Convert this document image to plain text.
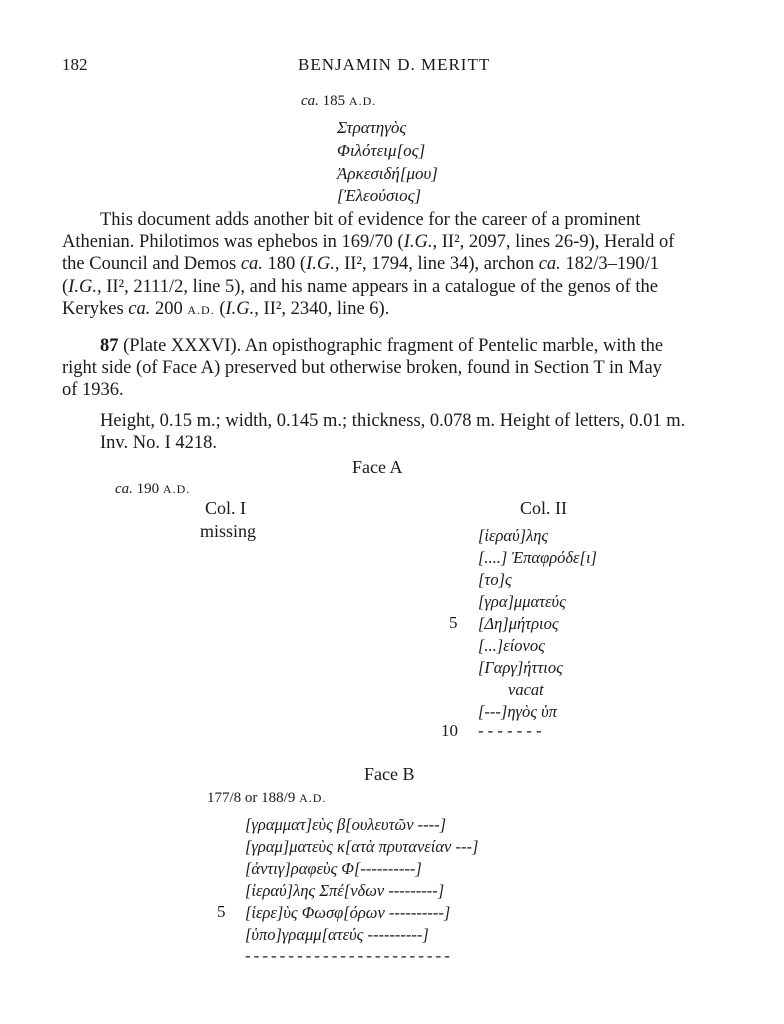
182	BENJAMIN D. MERITT
ca. 185 A.D.
Στρατηγὸς
Φιλότειμ[ος]
Ἀρκεσιδή[μου]
[Ἐλεούσιος]
This document adds another bit of evidence for the career of a prominent
Athenian. Philotimos was ephebos in 169/70 (I.G., II², 2097, lines 26-9), Herald of
the Council and Demos ca. 180 (I.G., II², 1794, line 34), archon ca. 182/3–190/1
(I.G., II², 2111/2, line 5), and his name appears in a catalogue of the genos of the
Kerykes ca. 200 A.D. (I.G., II², 2340, line 6).
87 (Plate XXXVI). An opisthographic fragment of Pentelic marble, with the
right side (of Face A) preserved but otherwise broken, found in Section T in May
of 1936.
Height, 0.15 m.; width, 0.145 m.; thickness, 0.078 m. Height of letters, 0.01 m.
Inv. No. I 4218.
Face A
ca. 190 A.D.
Col. I
missing
Col. II
[ἱεραύ]λης
[....] Ἐπαφρόδε[ι]
[το]ς
[γρα]μματεύς
5 [Δη]μήτριος
[...]είονος
[Γαργ]ήττιος
vacat
[---]ηγὸς ὑπ
10 -------
Face B
177/8 or 188/9 A.D.
[γραμματ]εὺς β[ουλευτῶν ----]
[γραμ]ματεὺς κ[ατὰ πρυτανείαν ---]
[ἀντιγ]ραφεὺς Φ[----------]
[ἱεραύ]λης Σπέ[νδων ---------]
5 [ἱερε]ὺς Φωσφ[όρων ----------]
[ὑπο]γραμμ[ατεύς ----------]
------------------------
